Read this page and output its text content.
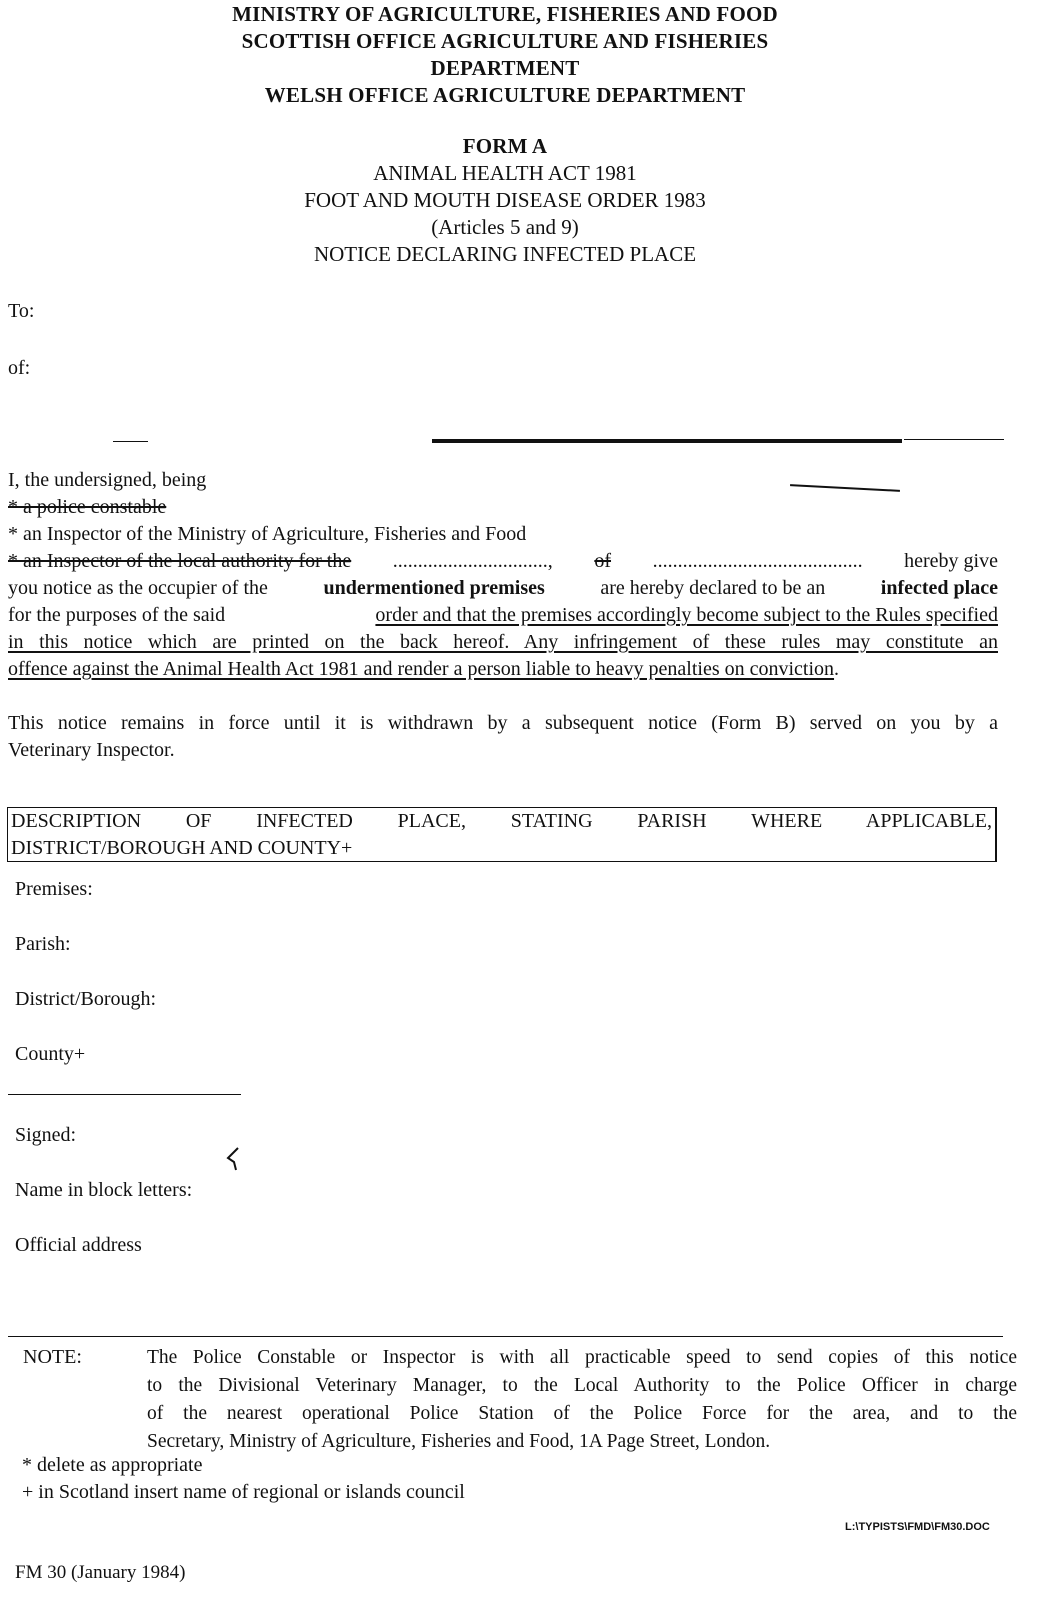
MINISTRY OF AGRICULTURE, FISHERIES AND FOOD
SCOTTISH OFFICE AGRICULTURE AND FISHERIES
DEPARTMENT
WELSH OFFICE AGRICULTURE DEPARTMENT
FORM A
ANIMAL HEALTH ACT 1981
FOOT AND MOUTH DISEASE ORDER 1983
(Articles 5 and 9)
NOTICE DECLARING INFECTED PLACE
To:
of:
I, the undersigned, being
* a police constable
* an Inspector of the Ministry of Agriculture, Fisheries and Food
* an Inspector of the local authority for the ..............................., of .......................................... hereby give
you notice as the occupier of the	undermentioned premises	are hereby declared to be an	infected place
for the purposes of the said	order and that the premises accordingly become subject to the Rules specified
in this notice which are printed on the back hereof. Any infringement of these rules may constitute an
offence against the Animal Health Act 1981 and render a person liable to heavy penalties on conviction.
This notice remains in force until it is withdrawn by a subsequent notice (Form B) served on you by a
Veterinary Inspector.
DESCRIPTION OF INFECTED PLACE, STATING PARISH WHERE APPLICABLE,
DISTRICT/BOROUGH AND COUNTY+
Premises:
Parish:
District/Borough:
County+
Signed:
Name in block letters:
Official address
NOTE:	The Police Constable or Inspector is with all practicable speed to send copies of this notice
to the Divisional Veterinary Manager, to the Local Authority to the Police Officer in charge
of the nearest operational Police Station of the Police Force for the area, and to the
Secretary, Ministry of Agriculture, Fisheries and Food, 1A Page Street, London.
* delete as appropriate
+ in Scotland insert name of regional or islands council
L:\TYPISTS\FMD\FM30.DOC
FM 30 (January 1984)
